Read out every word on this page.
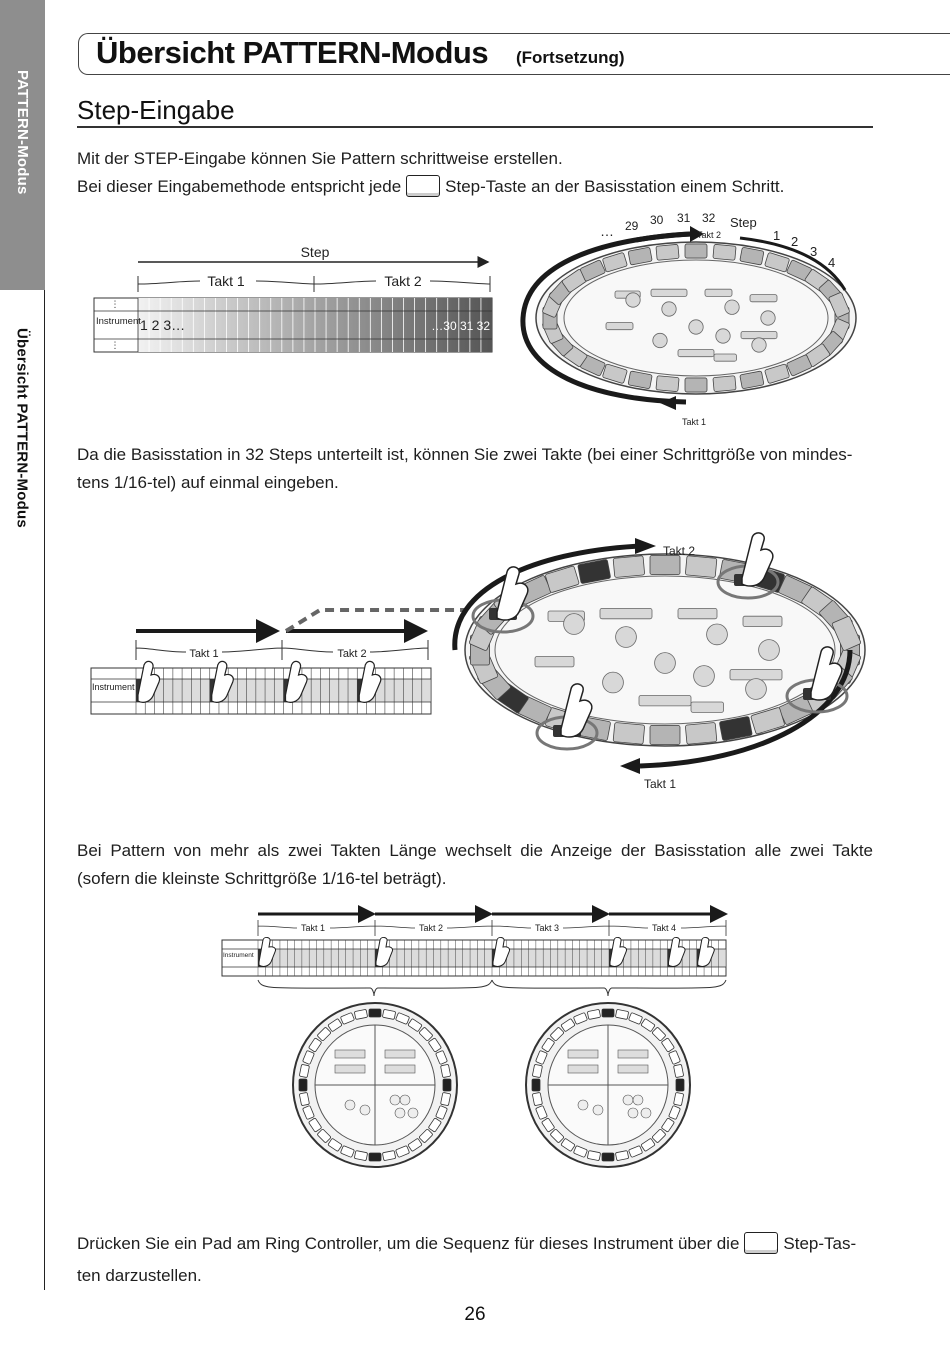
PATTERN-Modus
Übersicht PATTERN-Modus
Übersicht PATTERN-Modus (Fortsetzung)
Step-Eingabe
Mit der STEP-Eingabe können Sie Pattern schrittweise erstellen.
Bei dieser Eingabemethode entspricht jede	Step-Taste an der Basisstation einem Schritt.
Step
Takt 1	Takt 2
⋮
⋮
Instrument 1 2 3…	…30 31 32
… 29 30 31 32 Step
1 2
3
4
Takt 2
Takt 1
Da die Basisstation in 32 Steps unterteilt ist, können Sie zwei Takte (bei einer Schrittgröße von mindes-
tens 1/16-tel) auf einmal eingeben.
Takt 1	Takt 2
Instrument
Takt 2
Takt 1
Bei Pattern von mehr als zwei Takten Länge wechselt die Anzeige der Basisstation alle zwei Takte
(sofern die kleinste Schrittgröße 1/16-tel beträgt).
Takt 1	Takt 2	Takt 3	Takt 4
Instrument
Drücken Sie ein Pad am Ring Controller, um die Sequenz für dieses Instrument über die	Step-Tas-
ten darzustellen.
26
